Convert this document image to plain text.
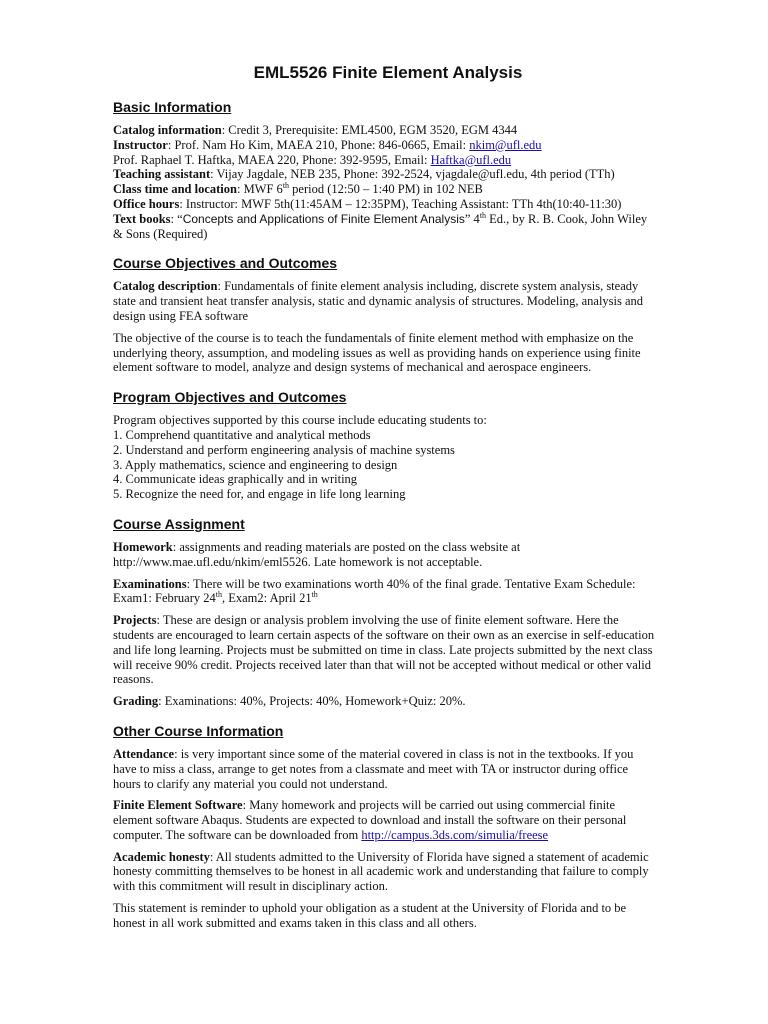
EML5526 Finite Element Analysis
Basic Information

Catalog information: Credit 3, Prerequisite: EML4500, EGM 3520, EGM 4344

Instructor: Prof. Nam Ho Kim, MAEA 210, Phone: 846-0665, Email: nkim@ufl.edu

Prof. Raphael T. Haftka, MAEA 220, Phone: 392-9595, Email: Haftka@ufl.edu

Teaching assistant: Vijay Jagdale, NEB 235, Phone: 392-2524, vjagdale@ufl.edu, 4th period (TTh)

Class time and location: MWF 6th period (12:50 – 1:40 PM) in 102 NEB

Office hours: Instructor: MWF 5th(11:45AM – 12:35PM), Teaching Assistant: TTh 4th(10:40-11:30)

Text books: “Concepts and Applications of Finite Element Analysis” 4th Ed., by R. B. Cook, John Wiley & Sons (Required)

Course Objectives and Outcomes

Catalog description: Fundamentals of finite element analysis including, discrete system analysis, steady state and transient heat transfer analysis, static and dynamic analysis of structures. Modeling, analysis and design using FEA software

The objective of the course is to teach the fundamentals of finite element method with emphasize on the underlying theory, assumption, and modeling issues as well as providing hands on experience using finite element software to model, analyze and design systems of mechanical and aerospace engineers.

Program Objectives and Outcomes

Program objectives supported by this course include educating students to:

1. Comprehend quantitative and analytical methods
2. Understand and perform engineering analysis of machine systems
3. Apply mathematics, science and engineering to design
4. Communicate ideas graphically and in writing
5. Recognize the need for, and engage in life long learning
Course Assignment

Homework: assignments and reading materials are posted on the class website at http://www.mae.ufl.edu/nkim/eml5526. Late homework is not acceptable.

Examinations: There will be two examinations worth 40% of the final grade. Tentative Exam Schedule: Exam1: February 24th, Exam2: April 21th

Projects: These are design or analysis problem involving the use of finite element software. Here the students are encouraged to learn certain aspects of the software on their own as an exercise in self-education and life long learning. Projects must be submitted on time in class. Late projects submitted by the next class will receive 90% credit. Projects received later than that will not be accepted without medical or other valid reasons.

Grading: Examinations: 40%, Projects: 40%, Homework+Quiz: 20%.

Other Course Information

Attendance: is very important since some of the material covered in class is not in the textbooks. If you have to miss a class, arrange to get notes from a classmate and meet with TA or instructor during office hours to clarify any material you could not understand.

Finite Element Software: Many homework and projects will be carried out using commercial finite element software Abaqus. Students are expected to download and install the software on their personal computer. The software can be downloaded from http://campus.3ds.com/simulia/freese

Academic honesty: All students admitted to the University of Florida have signed a statement of academic honesty committing themselves to be honest in all academic work and understanding that failure to comply with this commitment will result in disciplinary action.

This statement is reminder to uphold your obligation as a student at the University of Florida and to be honest in all work submitted and exams taken in this class and all others.
